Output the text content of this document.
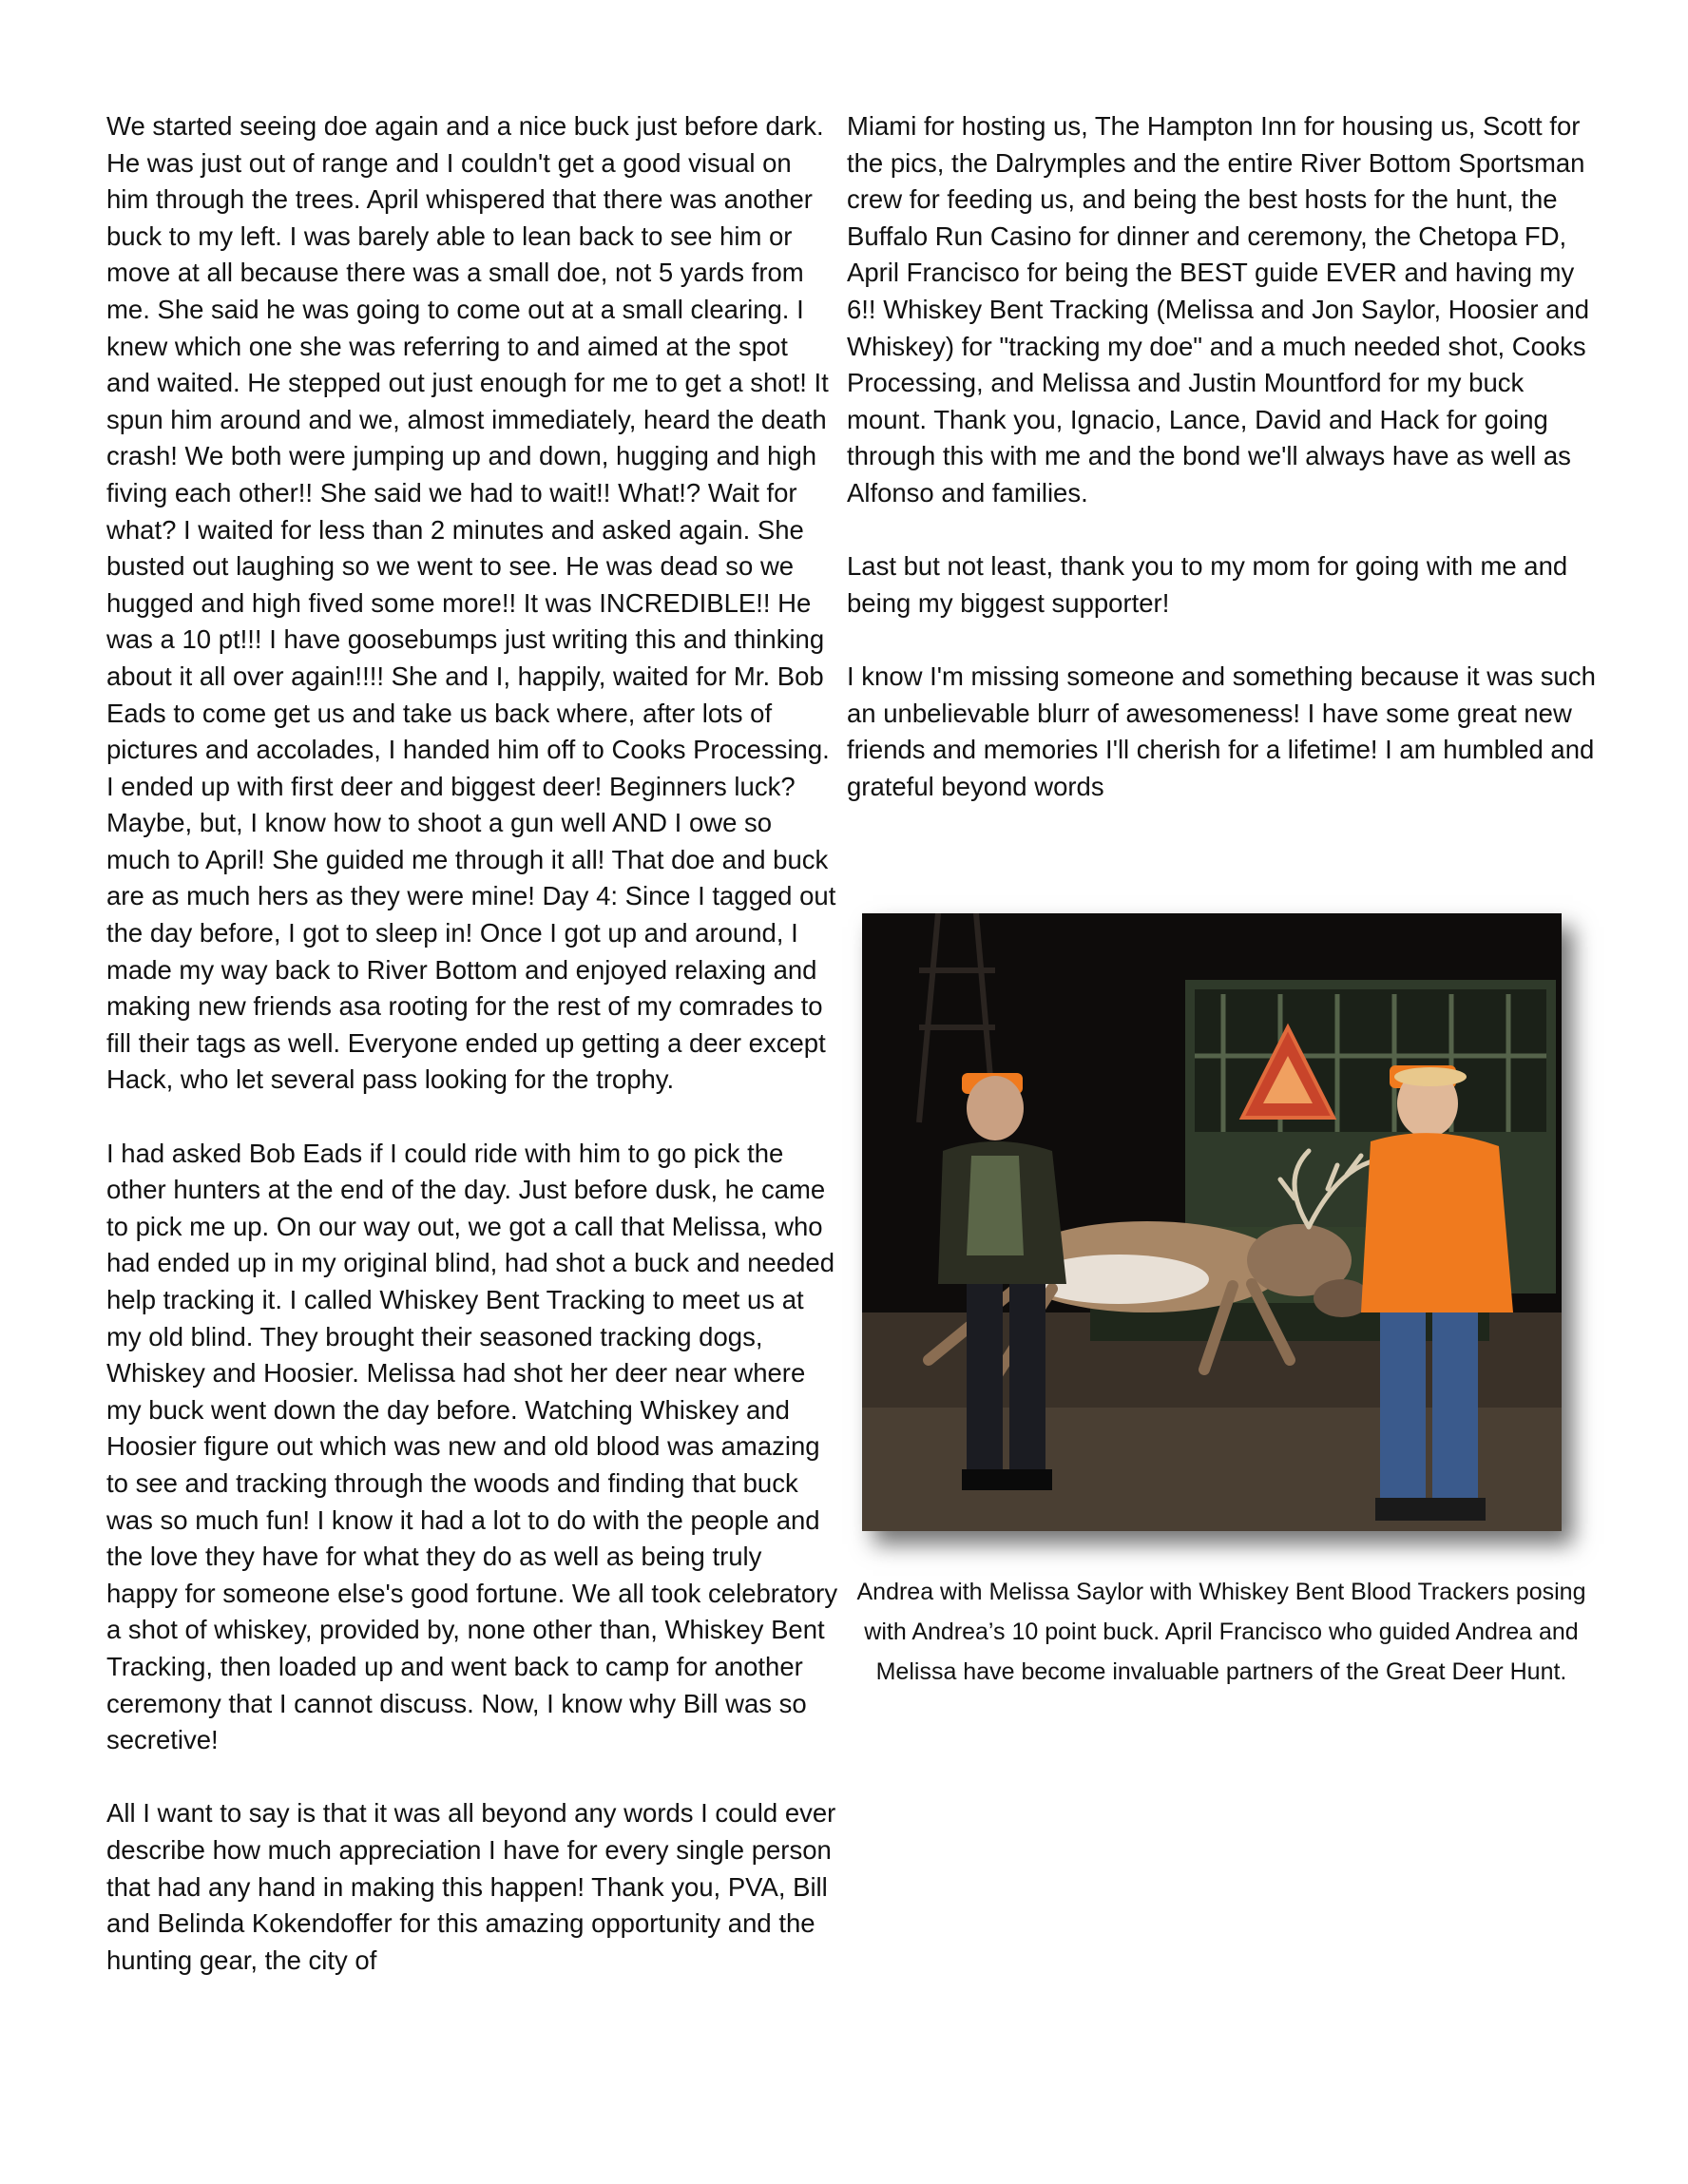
We started seeing doe again and a nice buck just before dark. He was just out of range and I couldn't get a good visual on him through the trees. April whispered that there was another buck to my left. I was barely able to lean back to see him or move at all because there was a small doe, not 5 yards from me. She said he was going to come out at a small clearing. I knew which one she was referring to and aimed at the spot and waited. He stepped out just enough for me to get a shot! It spun him around and we, almost immediately, heard the death crash! We both were jumping up and down, hugging and high fiving each other!! She said we had to wait!! What!? Wait for what? I waited for less than 2 minutes and asked again. She busted out laughing so we went to see. He was dead so we hugged and high fived some more!! It was INCREDIBLE!! He was a 10 pt!!! I have goosebumps just writing this and thinking about it all over again!!!! She and I, happily, waited for Mr. Bob Eads to come get us and take us back where, after lots of pictures and accolades, I handed him off to Cooks Processing. I ended up with first deer and biggest deer! Beginners luck? Maybe, but, I know how to shoot a gun well AND I owe so much to April! She guided me through it all! That doe and buck are as much hers as they were mine! Day 4: Since I tagged out the day before, I got to sleep in! Once I got up and around, I made my way back to River Bottom and enjoyed relaxing and making new friends asa rooting for the rest of my comrades to fill their tags as well. Everyone ended up getting a deer except Hack, who let several pass looking for the trophy.

I had asked Bob Eads if I could ride with him to go pick the other hunters at the end of the day. Just before dusk, he came to pick me up. On our way out, we got a call that Melissa, who had ended up in my original blind, had shot a buck and needed help tracking it. I called Whiskey Bent Tracking to meet us at my old blind. They brought their seasoned tracking dogs, Whiskey and Hoosier. Melissa had shot her deer near where my buck went down the day before. Watching Whiskey and Hoosier figure out which was new and old blood was amazing to see and tracking through the woods and finding that buck was so much fun! I know it had a lot to do with the people and the love they have for what they do as well as being truly happy for someone else's good fortune. We all took celebratory a shot of whiskey, provided by, none other than, Whiskey Bent Tracking, then loaded up and went back to camp for another ceremony that I cannot discuss. Now, I know why Bill was so secretive!

All I want to say is that it was all beyond any words I could ever describe how much appreciation I have for every single person that had any hand in making this happen! Thank you, PVA, Bill and Belinda Kokendoffer for this amazing opportunity and the hunting gear, the city of

Miami for hosting us, The Hampton Inn for housing us, Scott for the pics, the Dalrymples and the entire River Bottom Sportsman crew for feeding us, and being the best hosts for the hunt, the Buffalo Run Casino for dinner and ceremony, the Chetopa FD, April Francisco for being the BEST guide EVER and having my 6!! Whiskey Bent Tracking (Melissa and Jon Saylor, Hoosier and Whiskey) for "tracking my doe" and a much needed shot, Cooks Processing, and Melissa and Justin Mountford for my buck mount. Thank you, Ignacio, Lance, David and Hack for going through this with me and the bond we'll always have as well as Alfonso and families.

Last but not least, thank you to my mom for going with me and being my biggest supporter!

I know I'm missing someone and something because it was such an unbelievable blurr of awesomeness! I have some great new friends and memories I'll cherish for a lifetime! I am humbled and grateful beyond words

Andrea with Melissa Saylor with Whiskey Bent Blood Trackers posing with Andrea’s 10 point buck. April Francisco who guided Andrea and Melissa have become invaluable partners of the Great Deer Hunt.
